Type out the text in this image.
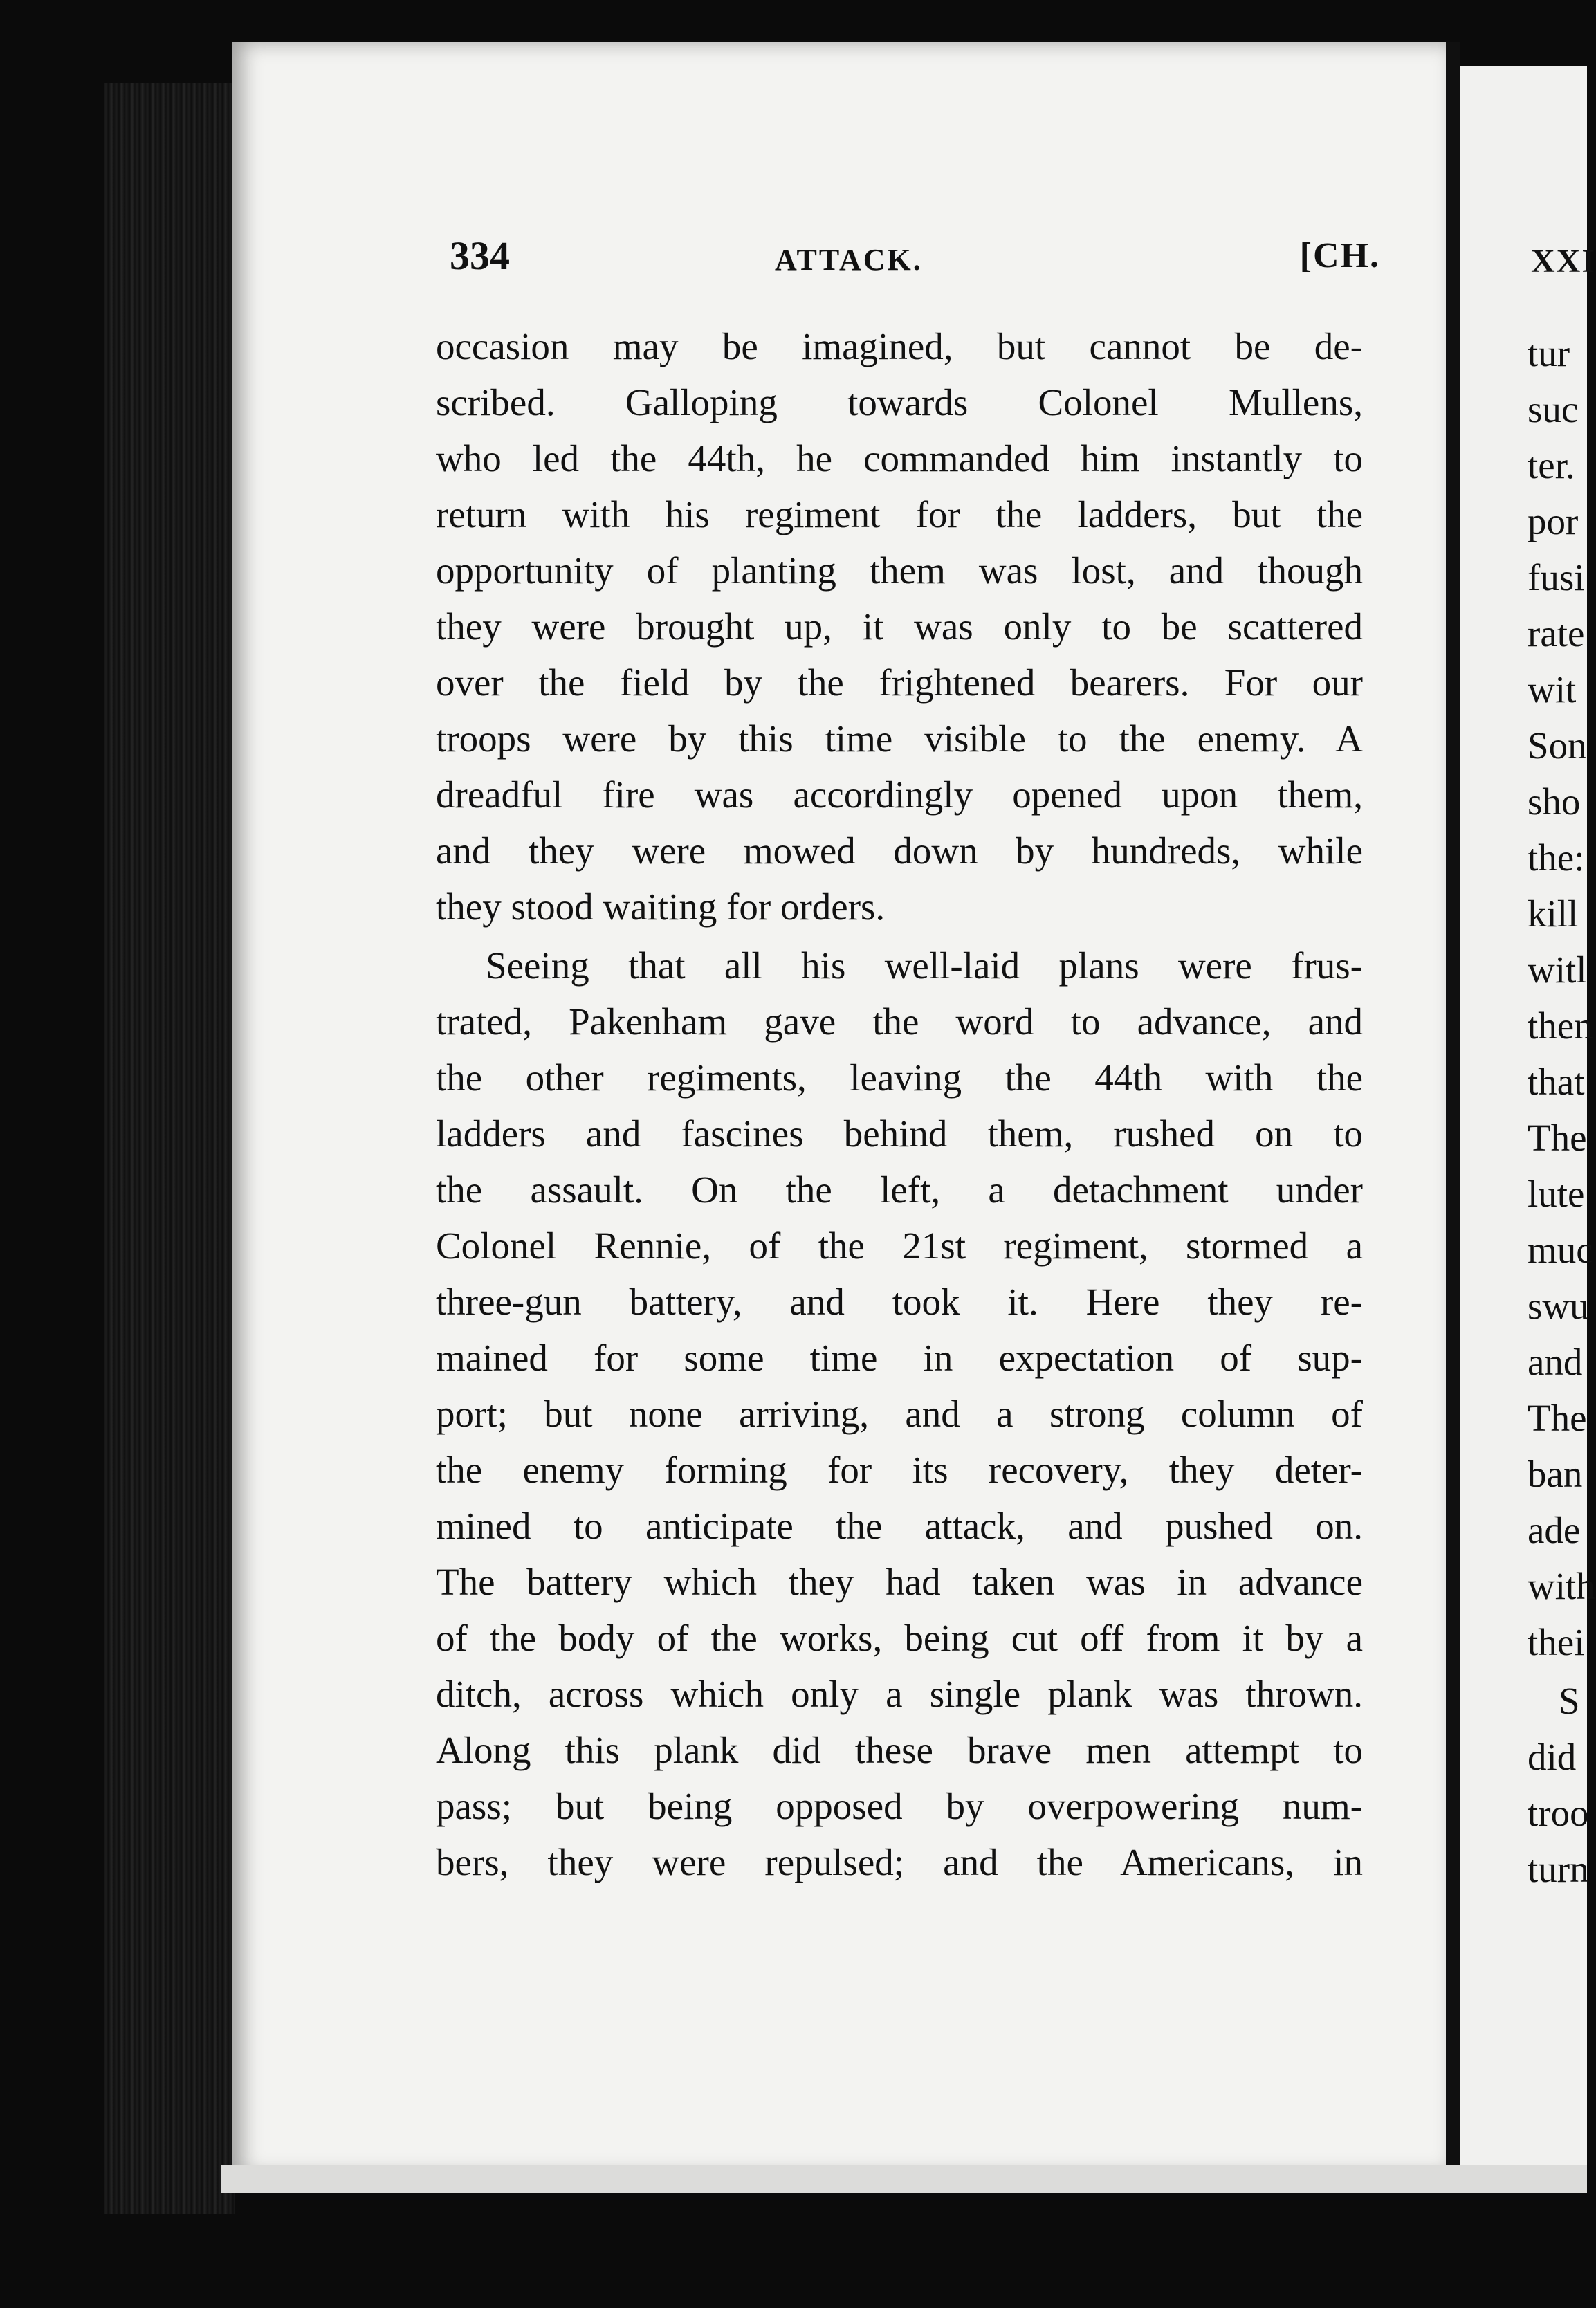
334	ATTACK.	[CH.
occasion may be imagined, but cannot be de-
scribed. Galloping towards Colonel Mullens,
who led the 44th, he commanded him instantly to
return with his regiment for the ladders, but the
opportunity of planting them was lost, and though
they were brought up, it was only to be scattered
over the field by the frightened bearers. For our
troops were by this time visible to the enemy. A
dreadful fire was accordingly opened upon them,
and they were mowed down by hundreds, while
they stood waiting for orders.
Seeing that all his well-laid plans were frus-
trated, Pakenham gave the word to advance, and
the other regiments, leaving the 44th with the
ladders and fascines behind them, rushed on to
the assault. On the left, a detachment under
Colonel Rennie, of the 21st regiment, stormed a
three-gun battery, and took it. Here they re-
mained for some time in expectation of sup-
port; but none arriving, and a strong column of
the enemy forming for its recovery, they deter-
mined to anticipate the attack, and pushed on.
The battery which they had taken was in advance
of the body of the works, being cut off from it by a
ditch, across which only a single plank was thrown.
Along this plank did these brave men attempt to
pass; but being opposed by overpowering num-
bers, they were repulsed; and the Americans, in
XXI
tur
suc
ter.
por
fusi
rate
wit
Son
sho
the:
kill
witl
then
that
The
lute
muc
swu
and
The
ban
ade
with
thei
S
did
troo
turn
